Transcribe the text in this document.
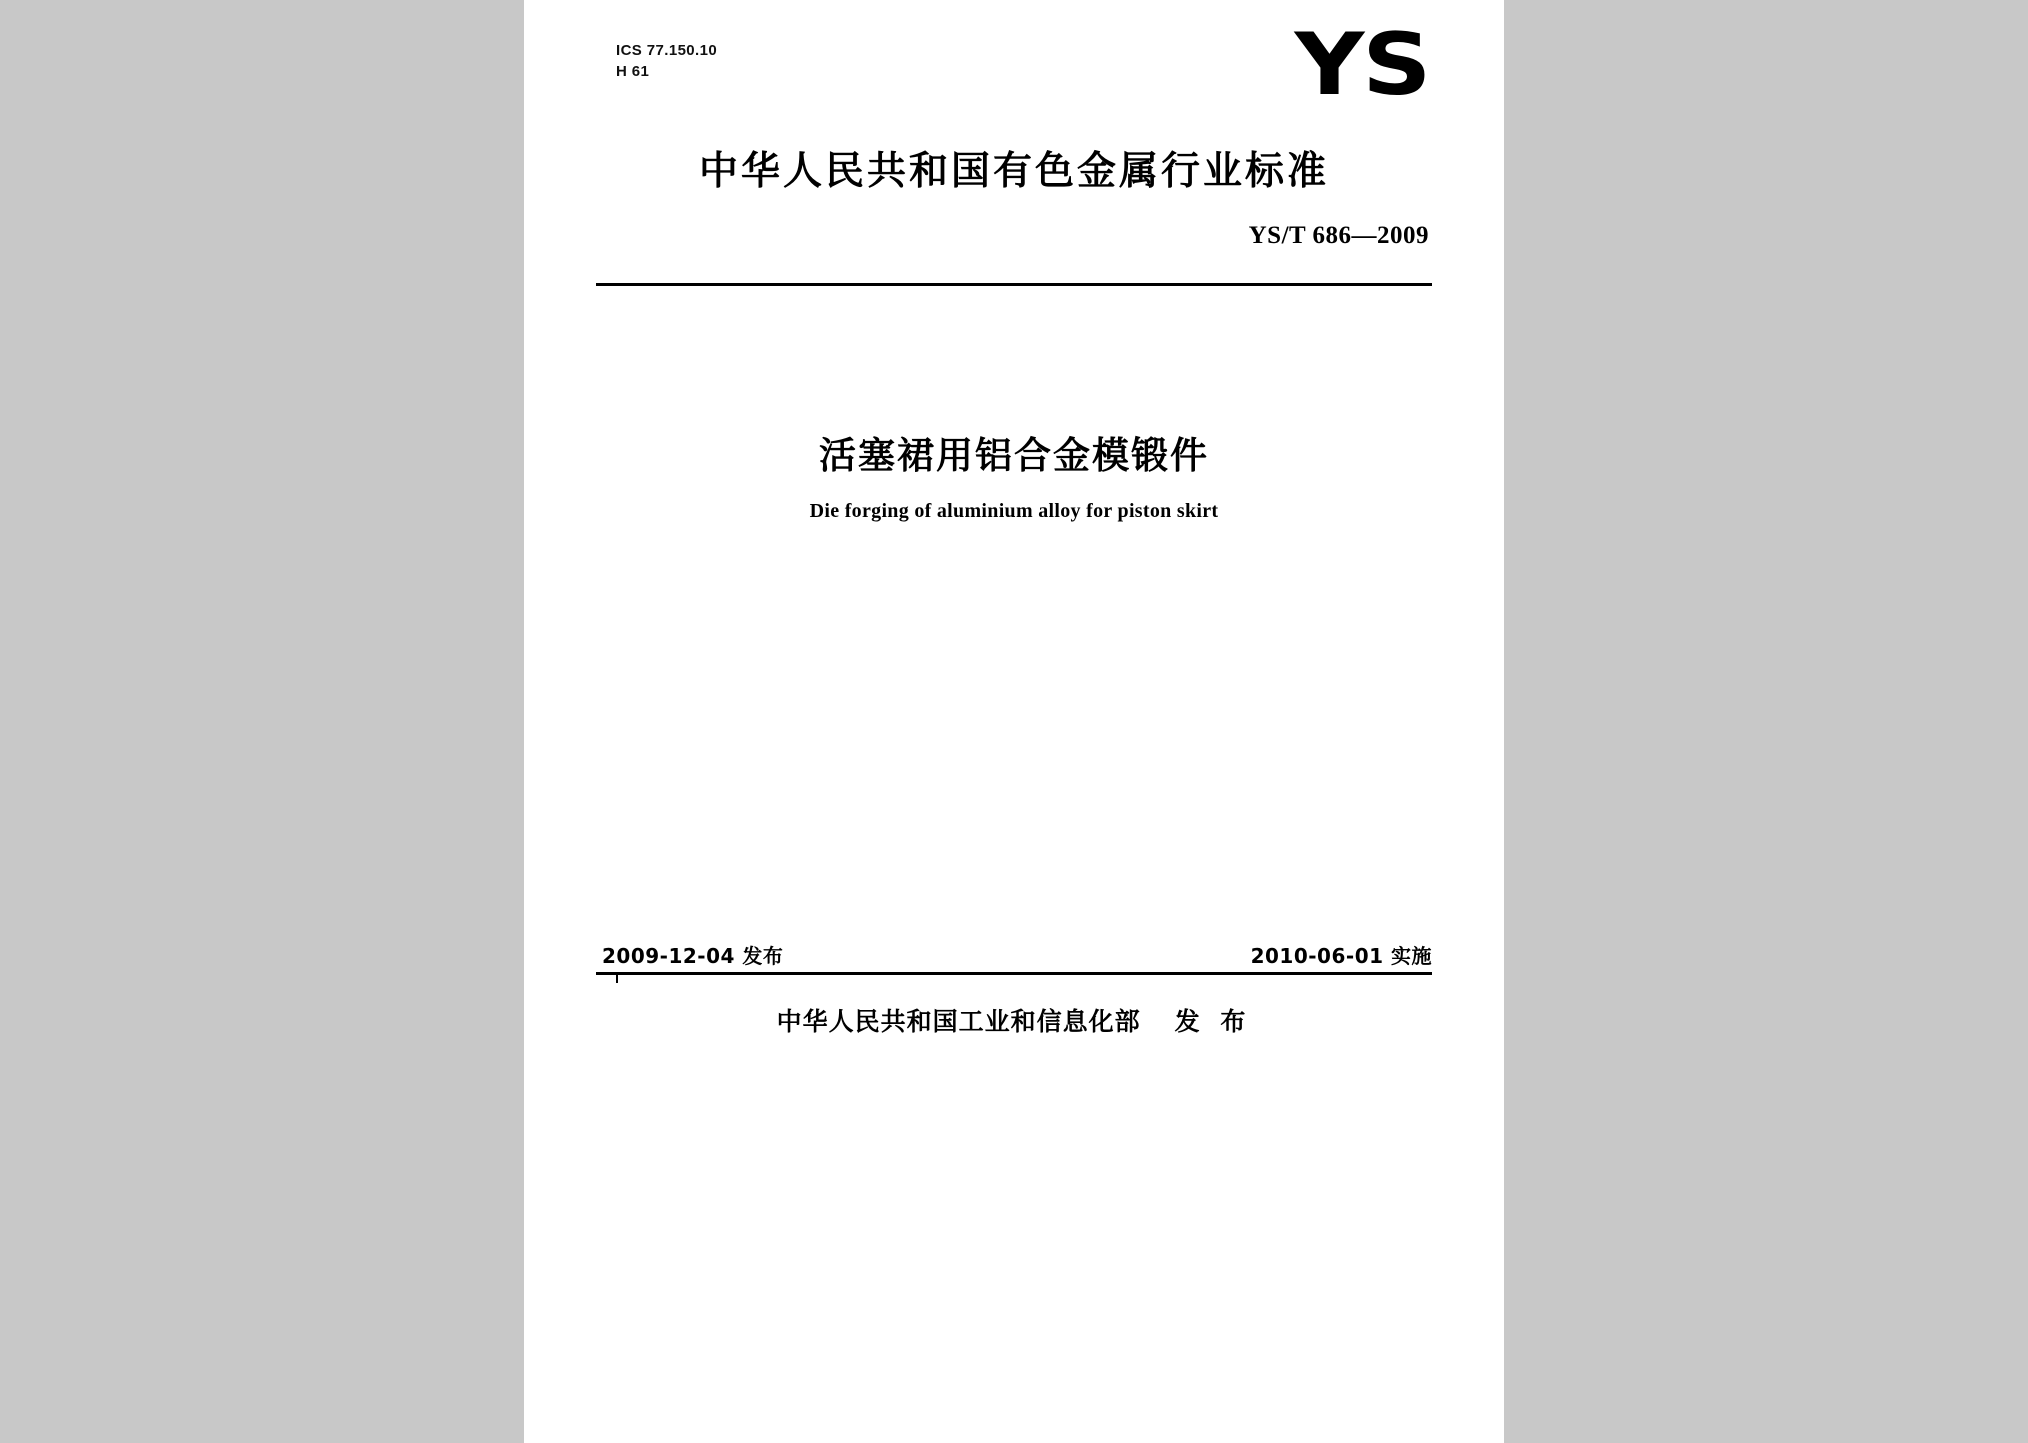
ICS 77.150.10
H 61	YS
中华人民共和国有色金属行业标准
YS/T 686—2009
活塞裙用铝合金模锻件
Die forging of aluminium alloy for piston skirt
2009-12-04 发布	2010-06-01 实施
中华人民共和国工业和信息化部 发 布
